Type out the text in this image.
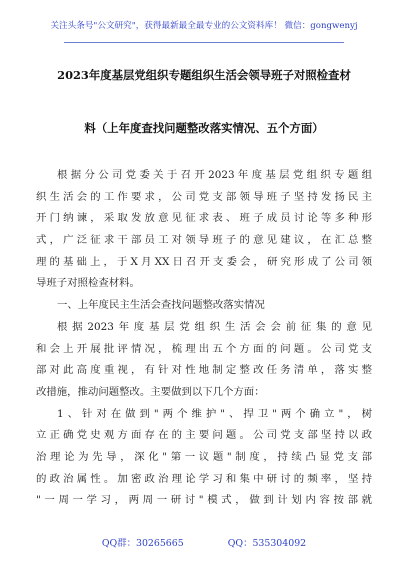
关注头条号"公文研究"，获得最新最全最专业的公文资料库！ 微信：gongwenyj
2023年度基层党组织专题组织生活会领导班子对照检查材
料（上年度查找问题整改落实情况、五个方面）
根据分公司党委关于召开2023年度基层党组织专题组
织生活会的工作要求，公司党支部领导班子坚持发扬民主
开门纳谏，采取发放意见征求表、班子成员讨论等多种形
式，广泛征求干部员工对领导班子的意见建议，在汇总整
理的基础上，于X月XX日召开支委会，研究形成了公司领
导班子对照检查材料。
一、上年度民主生活会查找问题整改落实情况
根据2023年度基层党组织生活会会前征集的意见
和会上开展批评情况，梳理出五个方面的问题。公司党支
部对此高度重视，有针对性地制定整改任务清单，落实整
改措施，推动问题整改。主要做到以下几个方面：
1、针对在做到"两个维护"、捍卫"两个确立"，树
立正确党史观方面存在的主要问题。公司党支部坚持以政
治理论为先导，深化"第一议题"制度，持续凸显党支部
的政治属性。加密政治理论学习和集中研讨的频率，坚持
"一周一学习，两周一研讨"模式，做到计划内容按部就
QQ群：30265665	QQ：535304092
